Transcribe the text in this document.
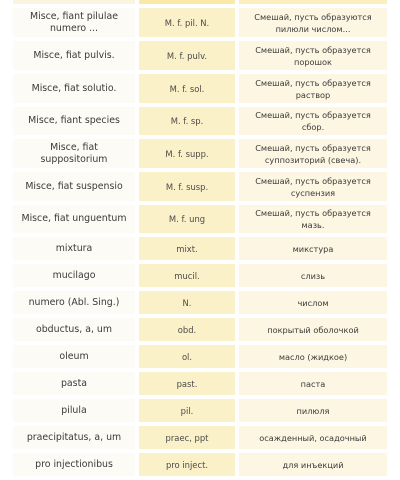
Misce, fiant pilulae numero ...	M. f. pil. N.	Смешай, пусть образуются пилюли числом...
Misce, fiat pulvis.	M. f. pulv.	Смешай, пусть образуется порошок
Misce, fiat solutio.	M. f. sol.	Смешай, пусть образуется раствор
Misce, fiant species	M. f. sp.	Смешай, пусть образуется сбор.
Misce, fiat suppositorium	M. f. supp.	Смешай, пусть образуется суппозиторий (свеча).
Misce, fiat suspensio	M. f. susp.	Смешай, пусть образуется суспензия
Misce, fiat unguentum	M. f. ung	Смешай, пусть образуется мазь.
mixtura	mixt.	микстура
mucilago	mucil.	слизь
numero (Abl. Sing.)	N.	числом
obductus, a, um	obd.	покрытый оболочкой
oleum	ol.	масло (жидкое)
pasta	past.	паста
pilula	pil.	пилюля
praecipitatus, a, um	praec, ppt	осажденный, осадочный
pro injectionibus	pro inject.	для инъекций
